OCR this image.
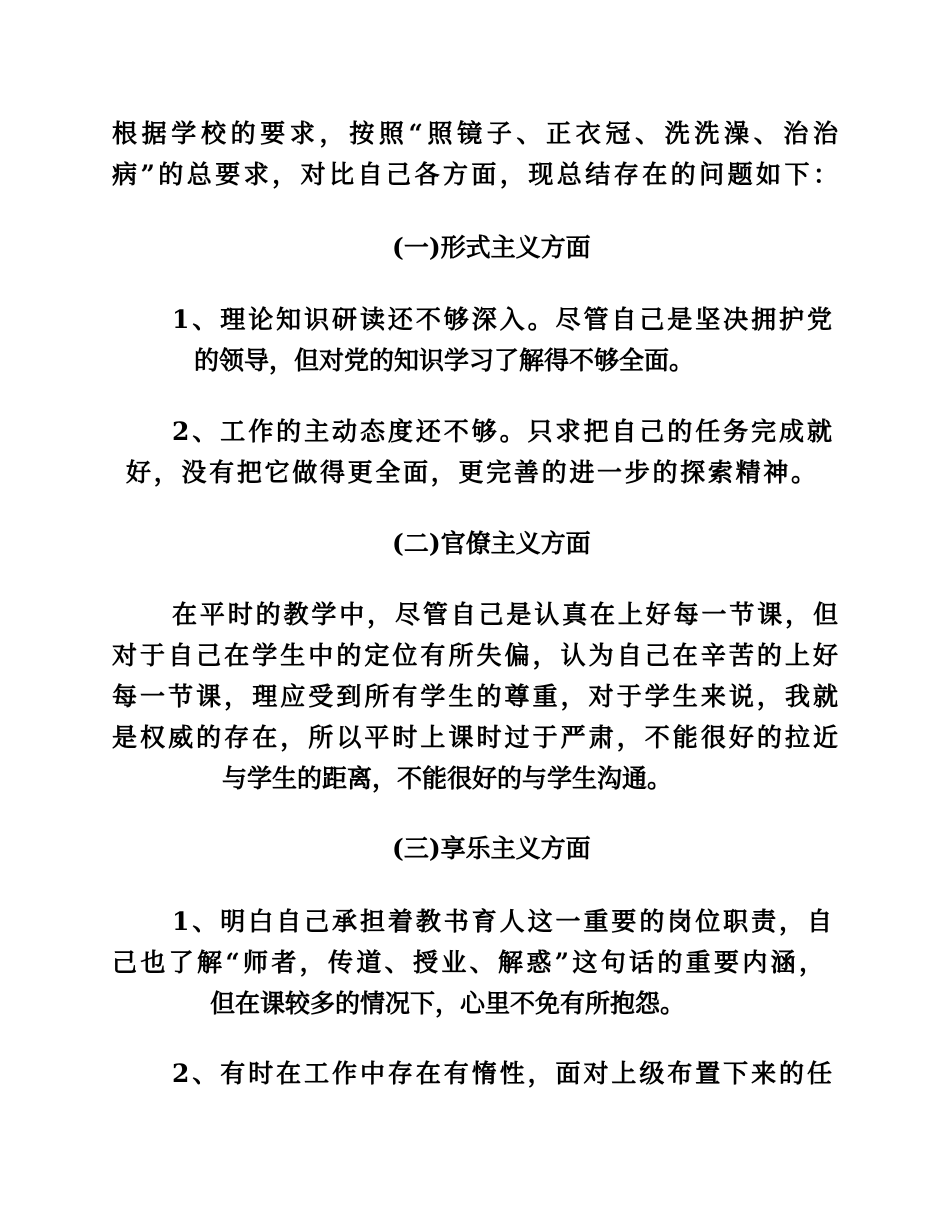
根据学校的要求，按照“照镜子、正衣冠、洗洗澡、治治
病”的总要求，对比自己各方面，现总结存在的问题如下：
(一)形式主义方面
1、理论知识研读还不够深入。尽管自己是坚决拥护党
的领导，但对党的知识学习了解得不够全面。
2、工作的主动态度还不够。只求把自己的任务完成就
好，没有把它做得更全面，更完善的进一步的探索精神。
(二)官僚主义方面
在平时的教学中，尽管自己是认真在上好每一节课，但
对于自己在学生中的定位有所失偏，认为自己在辛苦的上好
每一节课，理应受到所有学生的尊重，对于学生来说，我就
是权威的存在，所以平时上课时过于严肃，不能很好的拉近
与学生的距离，不能很好的与学生沟通。
(三)享乐主义方面
1、明白自己承担着教书育人这一重要的岗位职责，自
己也了解“师者，传道、授业、解惑”这句话的重要内涵，
但在课较多的情况下，心里不免有所抱怨。
2、有时在工作中存在有惰性，面对上级布置下来的任
